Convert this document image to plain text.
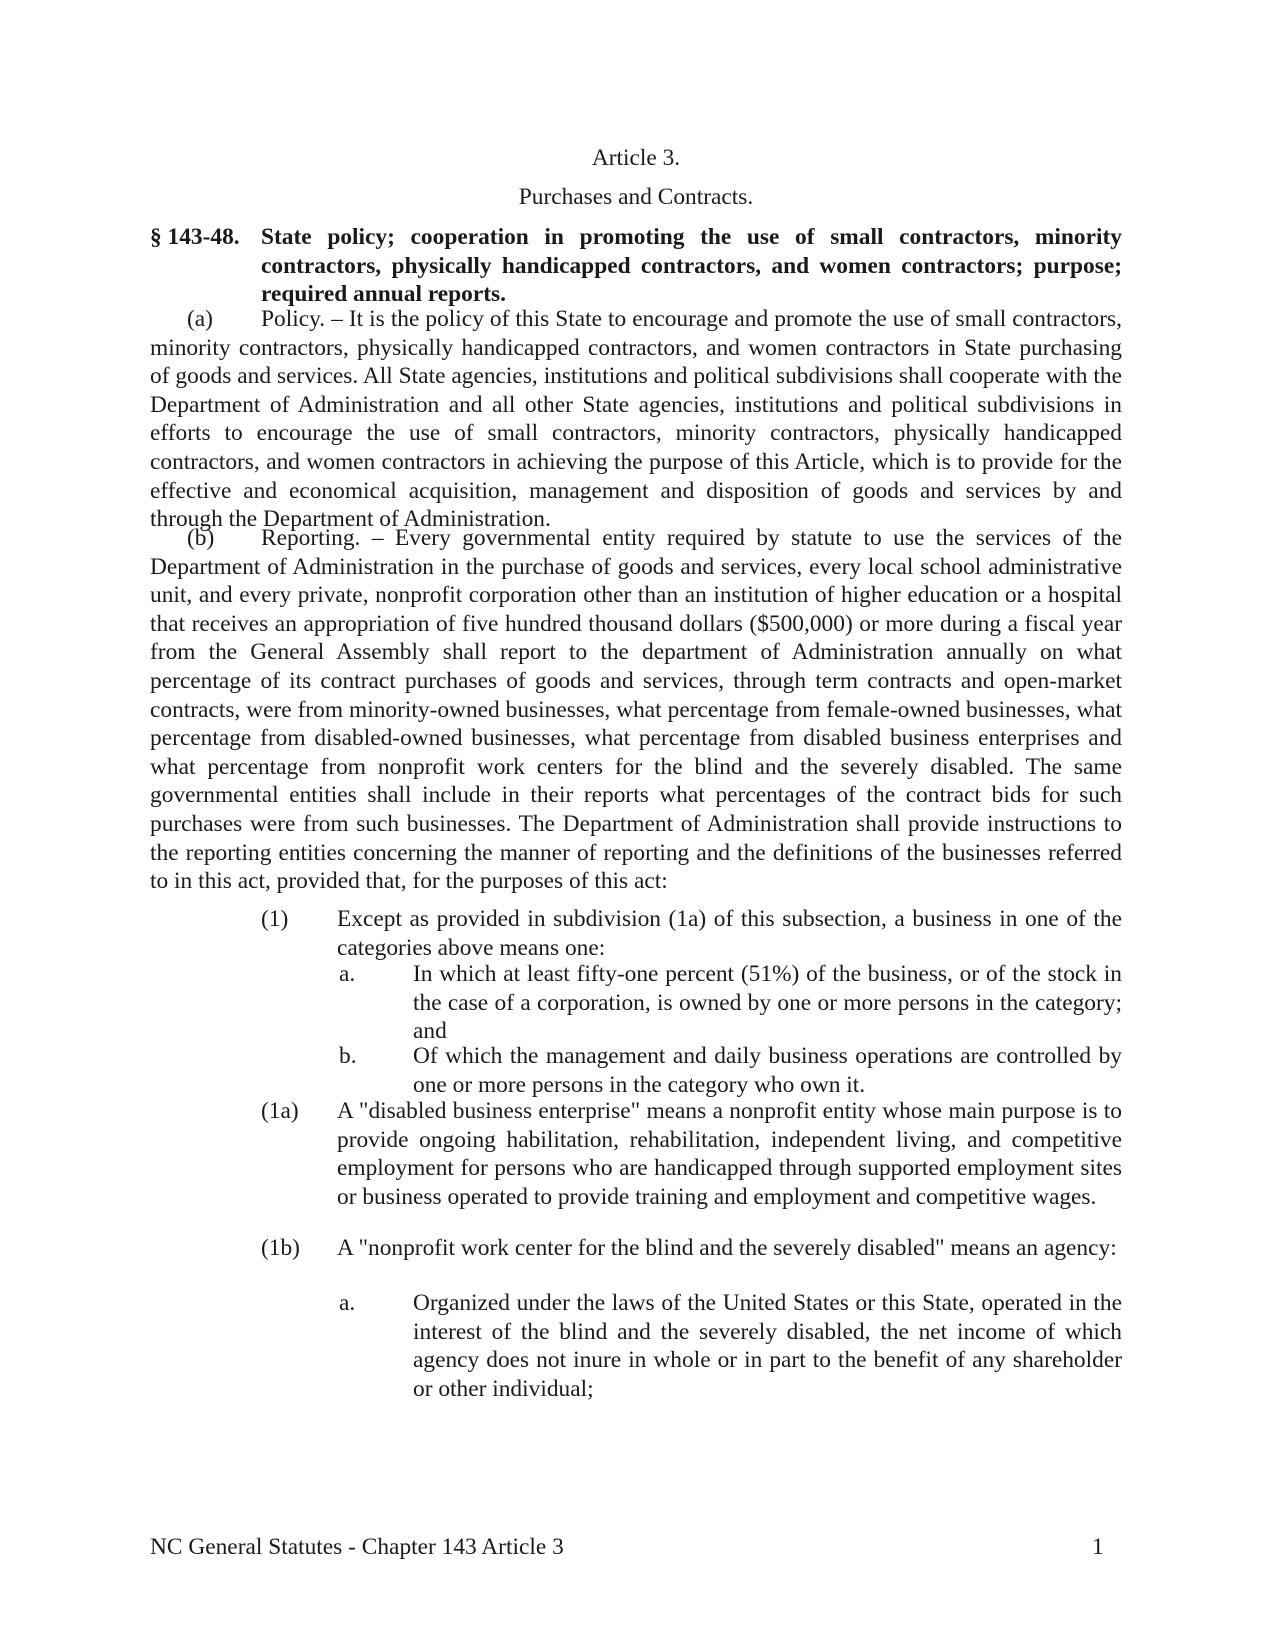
Article 3.
Purchases and Contracts.
§ 143-48. State policy; cooperation in promoting the use of small contractors, minority contractors, physically handicapped contractors, and women contractors; purpose; required annual reports.
(a) Policy. – It is the policy of this State to encourage and promote the use of small contractors, minority contractors, physically handicapped contractors, and women contractors in State purchasing of goods and services. All State agencies, institutions and political subdivisions shall cooperate with the Department of Administration and all other State agencies, institutions and political subdivisions in efforts to encourage the use of small contractors, minority contractors, physically handicapped contractors, and women contractors in achieving the purpose of this Article, which is to provide for the effective and economical acquisition, management and disposition of goods and services by and through the Department of Administration.
(b) Reporting. – Every governmental entity required by statute to use the services of the Department of Administration in the purchase of goods and services, every local school administrative unit, and every private, nonprofit corporation other than an institution of higher education or a hospital that receives an appropriation of five hundred thousand dollars ($500,000) or more during a fiscal year from the General Assembly shall report to the department of Administration annually on what percentage of its contract purchases of goods and services, through term contracts and open-market contracts, were from minority-owned businesses, what percentage from female-owned businesses, what percentage from disabled-owned businesses, what percentage from disabled business enterprises and what percentage from nonprofit work centers for the blind and the severely disabled. The same governmental entities shall include in their reports what percentages of the contract bids for such purchases were from such businesses. The Department of Administration shall provide instructions to the reporting entities concerning the manner of reporting and the definitions of the businesses referred to in this act, provided that, for the purposes of this act:
(1) Except as provided in subdivision (1a) of this subsection, a business in one of the categories above means one:
a. In which at least fifty-one percent (51%) of the business, or of the stock in the case of a corporation, is owned by one or more persons in the category; and
b. Of which the management and daily business operations are controlled by one or more persons in the category who own it.
(1a) A "disabled business enterprise" means a nonprofit entity whose main purpose is to provide ongoing habilitation, rehabilitation, independent living, and competitive employment for persons who are handicapped through supported employment sites or business operated to provide training and employment and competitive wages.
(1b) A "nonprofit work center for the blind and the severely disabled" means an agency:
a. Organized under the laws of the United States or this State, operated in the interest of the blind and the severely disabled, the net income of which agency does not inure in whole or in part to the benefit of any shareholder or other individual;
NC General Statutes - Chapter 143 Article 3	1
